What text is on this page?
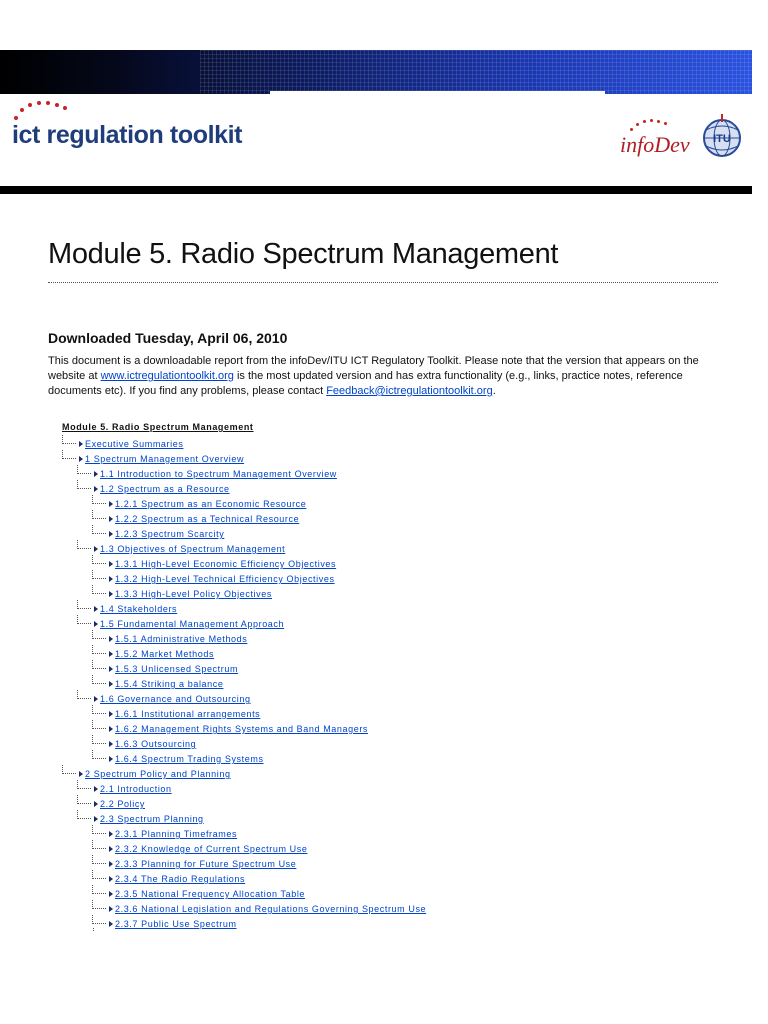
ict regulation toolkit	infoDev ITU
Module 5. Radio Spectrum Management
Downloaded Tuesday, April 06, 2010

This document is a downloadable report from the infoDev/ITU ICT Regulatory Toolkit. Please note that the version that appears on the website at www.ictregulationtoolkit.org is the most updated version and has extra functionality (e.g., links, practice notes, reference documents etc). If you find any problems, please contact Feedback@ictregulationtoolkit.org.

Module 5. Radio Spectrum Management
Executive Summaries
1 Spectrum Management Overview
1.1 Introduction to Spectrum Management Overview
1.2 Spectrum as a Resource
1.2.1 Spectrum as an Economic Resource
1.2.2 Spectrum as a Technical Resource
1.2.3 Spectrum Scarcity
1.3 Objectives of Spectrum Management
1.3.1 High-Level Economic Efficiency Objectives
1.3.2 High-Level Technical Efficiency Objectives
1.3.3 High-Level Policy Objectives
1.4 Stakeholders
1.5 Fundamental Management Approach
1.5.1 Administrative Methods
1.5.2 Market Methods
1.5.3 Unlicensed Spectrum
1.5.4 Striking a balance
1.6 Governance and Outsourcing
1.6.1 Institutional arrangements
1.6.2 Management Rights Systems and Band Managers
1.6.3 Outsourcing
1.6.4 Spectrum Trading Systems
2 Spectrum Policy and Planning
2.1 Introduction
2.2 Policy
2.3 Spectrum Planning
2.3.1 Planning Timeframes
2.3.2 Knowledge of Current Spectrum Use
2.3.3 Planning for Future Spectrum Use
2.3.4 The Radio Regulations
2.3.5 National Frequency Allocation Table
2.3.6 National Legislation and Regulations Governing Spectrum Use
2.3.7 Public Use Spectrum
